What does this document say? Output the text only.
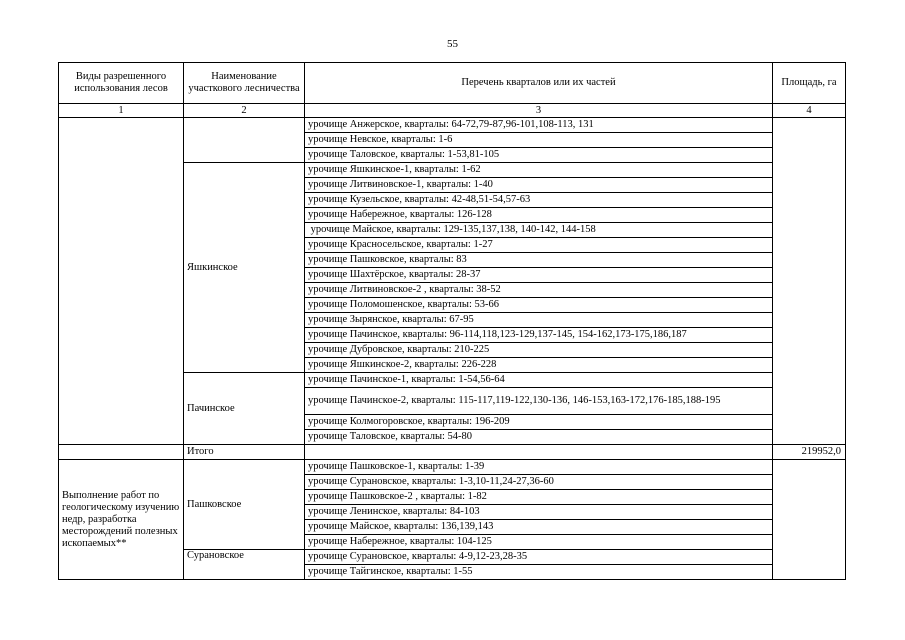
55
Виды разрешенного использования лесов	Наименование участкового лесничества	Перечень кварталов или их частей	Площадь, га
1	2	3	4
		урочище Анжерское, кварталы: 64-72,79-87,96-101,108-113, 131	
		урочище Невское, кварталы: 1-6	
		урочище Таловское, кварталы: 1-53,81-105	
	Яшкинское	урочище Яшкинское-1, кварталы: 1-62	
		урочище Литвиновское-1, кварталы: 1-40	
		урочище Кузельское, кварталы: 42-48,51-54,57-63	
		урочище Набережное, кварталы: 126-128	
		урочище Майское, кварталы: 129-135,137,138, 140-142, 144-158	
		урочище Красносельское, кварталы: 1-27	
		урочище Пашковское, кварталы: 83	
		урочище Шахтёрское, кварталы: 28-37	
		урочище Литвиновское-2 , кварталы: 38-52	
		урочище Поломошенское, кварталы: 53-66	
		урочище Зырянское, кварталы: 67-95	
		урочище Пачинское, кварталы: 96-114,118,123-129,137-145, 154-162,173-175,186,187	
		урочище Дубровское, кварталы: 210-225	
		урочище Яшкинское-2, кварталы: 226-228	
	Пачинское	урочище Пачинское-1, кварталы: 1-54,56-64	
		урочище Пачинское-2, кварталы: 115-117,119-122,130-136, 146-153,163-172,176-185,188-195	
		урочище Колмогоровское, кварталы: 196-209	
		урочище Таловское, кварталы: 54-80	
	Итого		219952,0
Выполнение работ по геологическому изучению недр, разработка месторождений полезных ископаемых**	Пашковское	урочище Пашковское-1, кварталы: 1-39	
		урочище Сурановское, кварталы: 1-3,10-11,24-27,36-60	
		урочище Пашковское-2 , кварталы: 1-82	
		урочище Ленинское, кварталы: 84-103	
		урочище Майское, кварталы: 136,139,143	
		урочище Набережное, кварталы: 104-125	
	Сурановское	урочище Сурановское, кварталы: 4-9,12-23,28-35	
		урочище Тайгинское, кварталы: 1-55	
